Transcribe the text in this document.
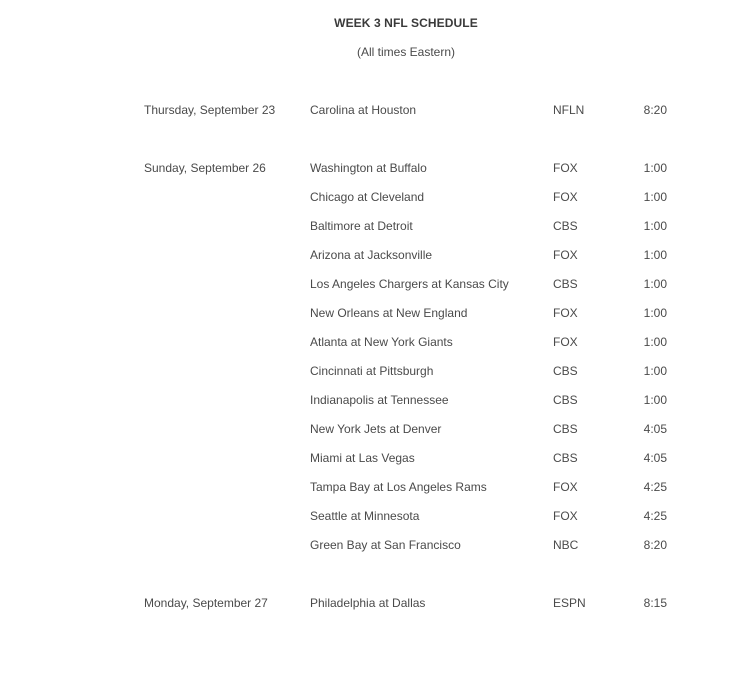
WEEK 3 NFL SCHEDULE
(All times Eastern)
Thursday, September 23	Carolina at Houston	NFLN	8:20
Sunday, September 26	Washington at Buffalo	FOX	1:00
Chicago at Cleveland	FOX	1:00
Baltimore at Detroit	CBS	1:00
Arizona at Jacksonville	FOX	1:00
Los Angeles Chargers at Kansas City	CBS	1:00
New Orleans at New England	FOX	1:00
Atlanta at New York Giants	FOX	1:00
Cincinnati at Pittsburgh	CBS	1:00
Indianapolis at Tennessee	CBS	1:00
New York Jets at Denver	CBS	4:05
Miami at Las Vegas	CBS	4:05
Tampa Bay at Los Angeles Rams	FOX	4:25
Seattle at Minnesota	FOX	4:25
Green Bay at San Francisco	NBC	8:20
Monday, September 27	Philadelphia at Dallas	ESPN	8:15
